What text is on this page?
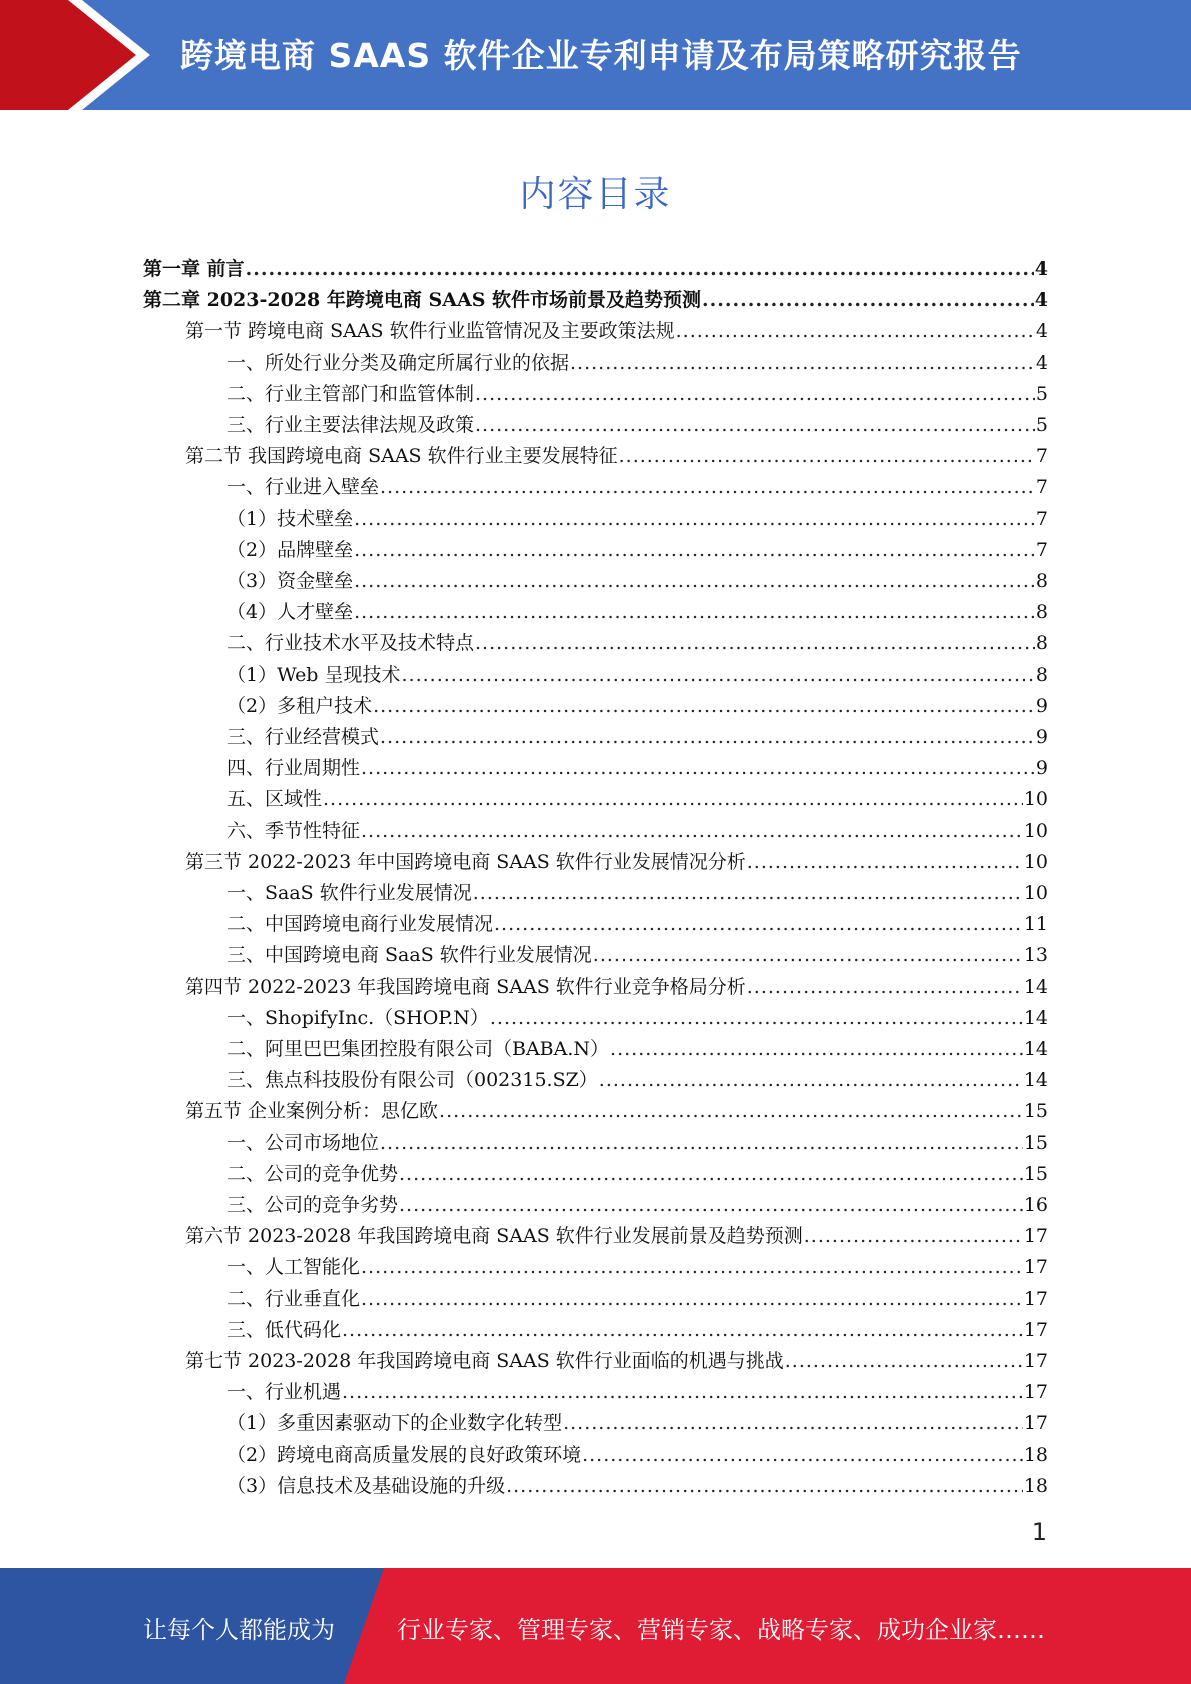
跨境电商 SAAS 软件企业专利申请及布局策略研究报告
内容目录
第一章 前言 .....	4
第二章 2023-2028 年跨境电商 SAAS 软件市场前景及趋势预测 .....	4
第一节 跨境电商 SAAS 软件行业监管情况及主要政策法规 .....	4
一、所处行业分类及确定所属行业的依据 .....	4
二、行业主管部门和监管体制 .....	5
三、行业主要法律法规及政策 .....	5
第二节 我国跨境电商 SAAS 软件行业主要发展特征 .....	7
一、行业进入壁垒 .....	7
（1）技术壁垒 .....	7
（2）品牌壁垒 .....	7
（3）资金壁垒 .....	8
（4）人才壁垒 .....	8
二、行业技术水平及技术特点 .....	8
（1）Web 呈现技术 .....	8
（2）多租户技术 .....	9
三、行业经营模式 .....	9
四、行业周期性 .....	9
五、区域性 .....	10
六、季节性特征 .....	10
第三节 2022-2023 年中国跨境电商 SAAS 软件行业发展情况分析 .....	10
一、SaaS 软件行业发展情况 .....	10
二、中国跨境电商行业发展情况 .....	11
三、中国跨境电商 SaaS 软件行业发展情况 .....	13
第四节 2022-2023 年我国跨境电商 SAAS 软件行业竞争格局分析 .....	14
一、ShopifyInc.（SHOP.N） .....	14
二、阿里巴巴集团控股有限公司（BABA.N） .....	14
三、焦点科技股份有限公司（002315.SZ） .....	14
第五节 企业案例分析：思亿欧 .....	15
一、公司市场地位 .....	15
二、公司的竞争优势 .....	15
三、公司的竞争劣势 .....	16
第六节 2023-2028 年我国跨境电商 SAAS 软件行业发展前景及趋势预测 .....	17
一、人工智能化 .....	17
二、行业垂直化 .....	17
三、低代码化 .....	17
第七节 2023-2028 年我国跨境电商 SAAS 软件行业面临的机遇与挑战 .....	17
一、行业机遇 .....	17
（1）多重因素驱动下的企业数字化转型 .....	17
（2）跨境电商高质量发展的良好政策环境 .....	18
（3）信息技术及基础设施的升级 .....	18
1
让每个人都能成为	行业专家、管理专家、营销专家、战略专家、成功企业家……
